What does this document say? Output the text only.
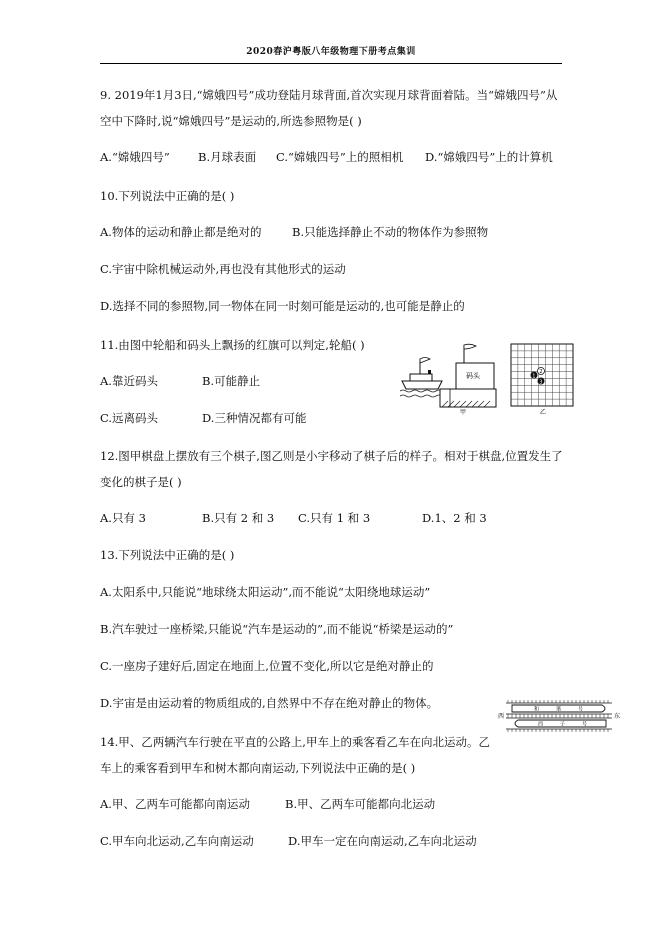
2020春沪粤版八年级物理下册考点集训
9. 2019年1月3日,“嫦娥四号”成功登陆月球背面,首次实现月球背面着陆。当“嫦娥四号”从
空中下降时,说“嫦娥四号”是运动的,所选参照物是( )
A.“嫦娥四号” B.月球表面 C.“嫦娥四号”上的照相机 D.“嫦娥四号”上的计算机
10.下列说法中正确的是( )
A.物体的运动和静止都是绝对的	B.只能选择静止不动的物体作为参照物
C.宇宙中除机械运动外,再也没有其他形式的运动
D.选择不同的参照物,同一物体在同一时刻可能是运动的,也可能是静止的
11.由图中轮船和码头上飘扬的红旗可以判定,轮船( )
A.靠近码头	B.可能静止
C.远离码头	D.三种情况都有可能
码头
甲
1
2
3
乙
12.图甲棋盘上摆放有三个棋子,图乙则是小宇移动了棋子后的样子。相对于棋盘,位置发生了
变化的棋子是( )
A.只有 3	B.只有 2 和 3 C.只有 1 和 3	D.1、2 和 3
13.下列说法中正确的是( )
A.太阳系中,只能说“地球绕太阳运动”,而不能说“太阳绕地球运动”
B.汽车驶过一座桥梁,只能说“汽车是运动的”,而不能说“桥梁是运动的”
C.一座房子建好后,固定在地面上,位置不变化,所以它是绝对静止的
D.宇宙是由运动着的物质组成的,自然界中不存在绝对静止的物体。
西	东
和	谐	号
西	子	号
14.甲、乙两辆汽车行驶在平直的公路上,甲车上的乘客看乙车在向北运动。乙
车上的乘客看到甲车和树木都向南运动,下列说法中正确的是( )
A.甲、乙两车可能都向南运动	B.甲、乙两车可能都向北运动
C.甲车向北运动,乙车向南运动	D.甲车一定在向南运动,乙车向北运动
